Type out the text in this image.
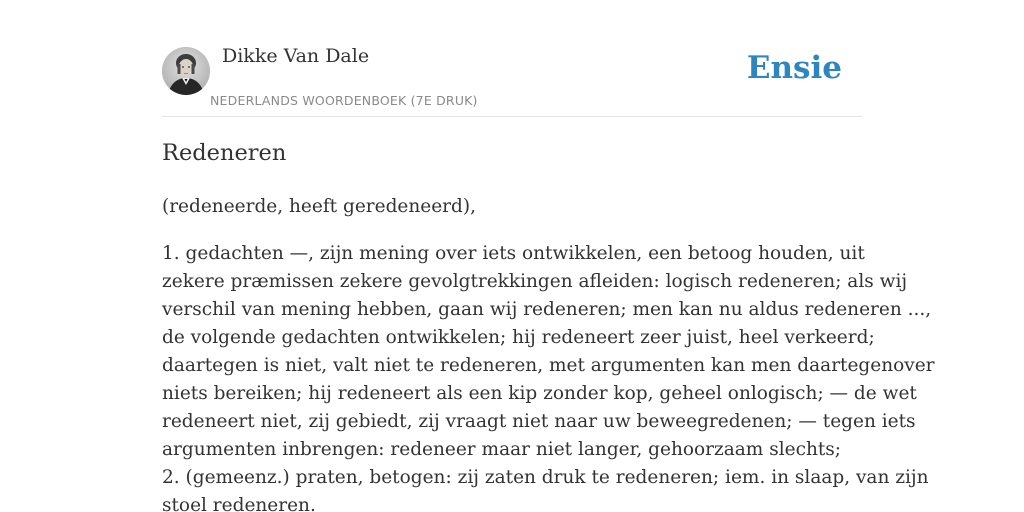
Dikke Van Dale
NEDERLANDS WOORDENBOEK (7E DRUK)
Ensie
Redeneren

(redeneerde, heeft geredeneerd),

1. gedachten —, zijn mening over iets ontwikkelen, een betoog houden, uit
zekere præmissen zekere gevolgtrekkingen afleiden: logisch redeneren; als wij
verschil van mening hebben, gaan wij redeneren; men kan nu aldus redeneren ...,
de volgende gedachten ontwikkelen; hij redeneert zeer juist, heel verkeerd;
daartegen is niet, valt niet te redeneren, met argumenten kan men daartegenover
niets bereiken; hij redeneert als een kip zonder kop, geheel onlogisch; — de wet
redeneert niet, zij gebiedt, zij vraagt niet naar uw beweegredenen; — tegen iets
argumenten inbrengen: redeneer maar niet langer, gehoorzaam slechts;
2. (gemeenz.) praten, betogen: zij zaten druk te redeneren; iem. in slaap, van zijn
stoel redeneren.
